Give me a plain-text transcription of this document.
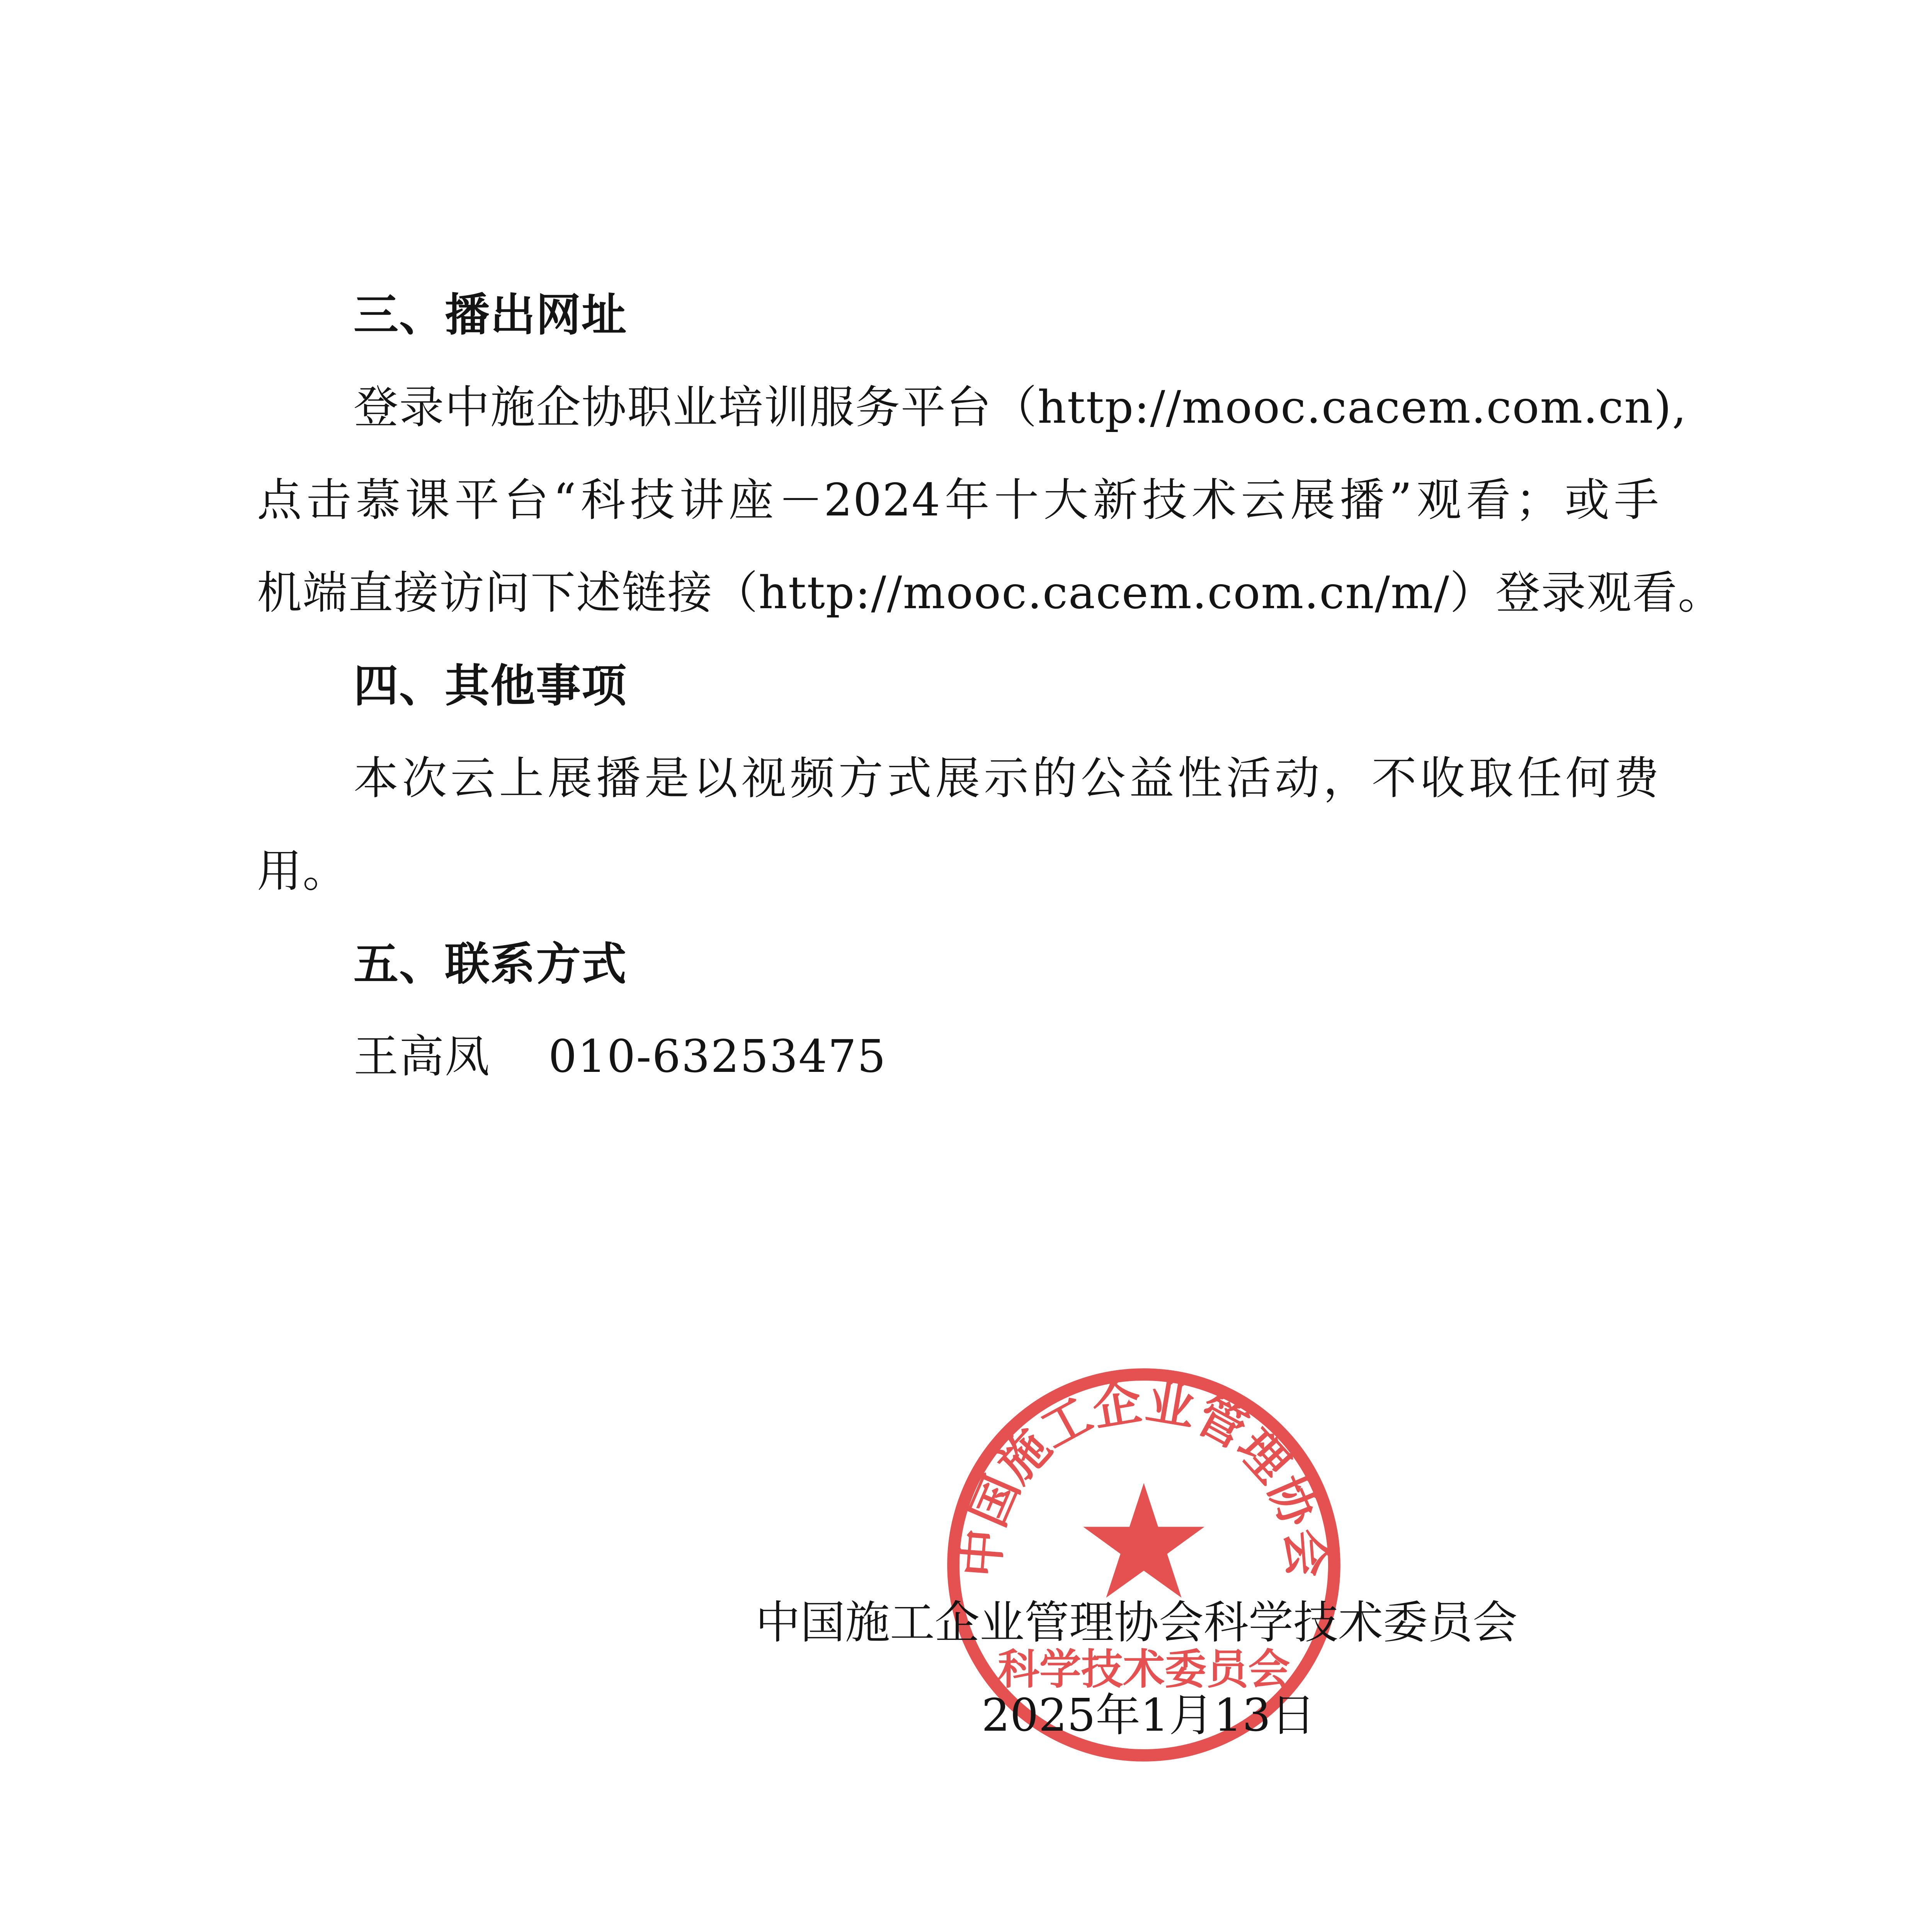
三、播出网址
登录中施企协职业培训服务平台（http://mooc.cacem.com.cn),
点击慕课平台“科技讲座－2024年十大新技术云展播”观看；或手
机端直接访问下述链接（http://mooc.cacem.com.cn/m/）登录观看。
四、其他事项
本次云上展播是以视频方式展示的公益性活动，不收取任何费
用。
五、联系方式
王高凤 010-63253475
中国施工企业管理协会
科学技术委员会
中国施工企业管理协会科学技术委员会
2025年1月13日
